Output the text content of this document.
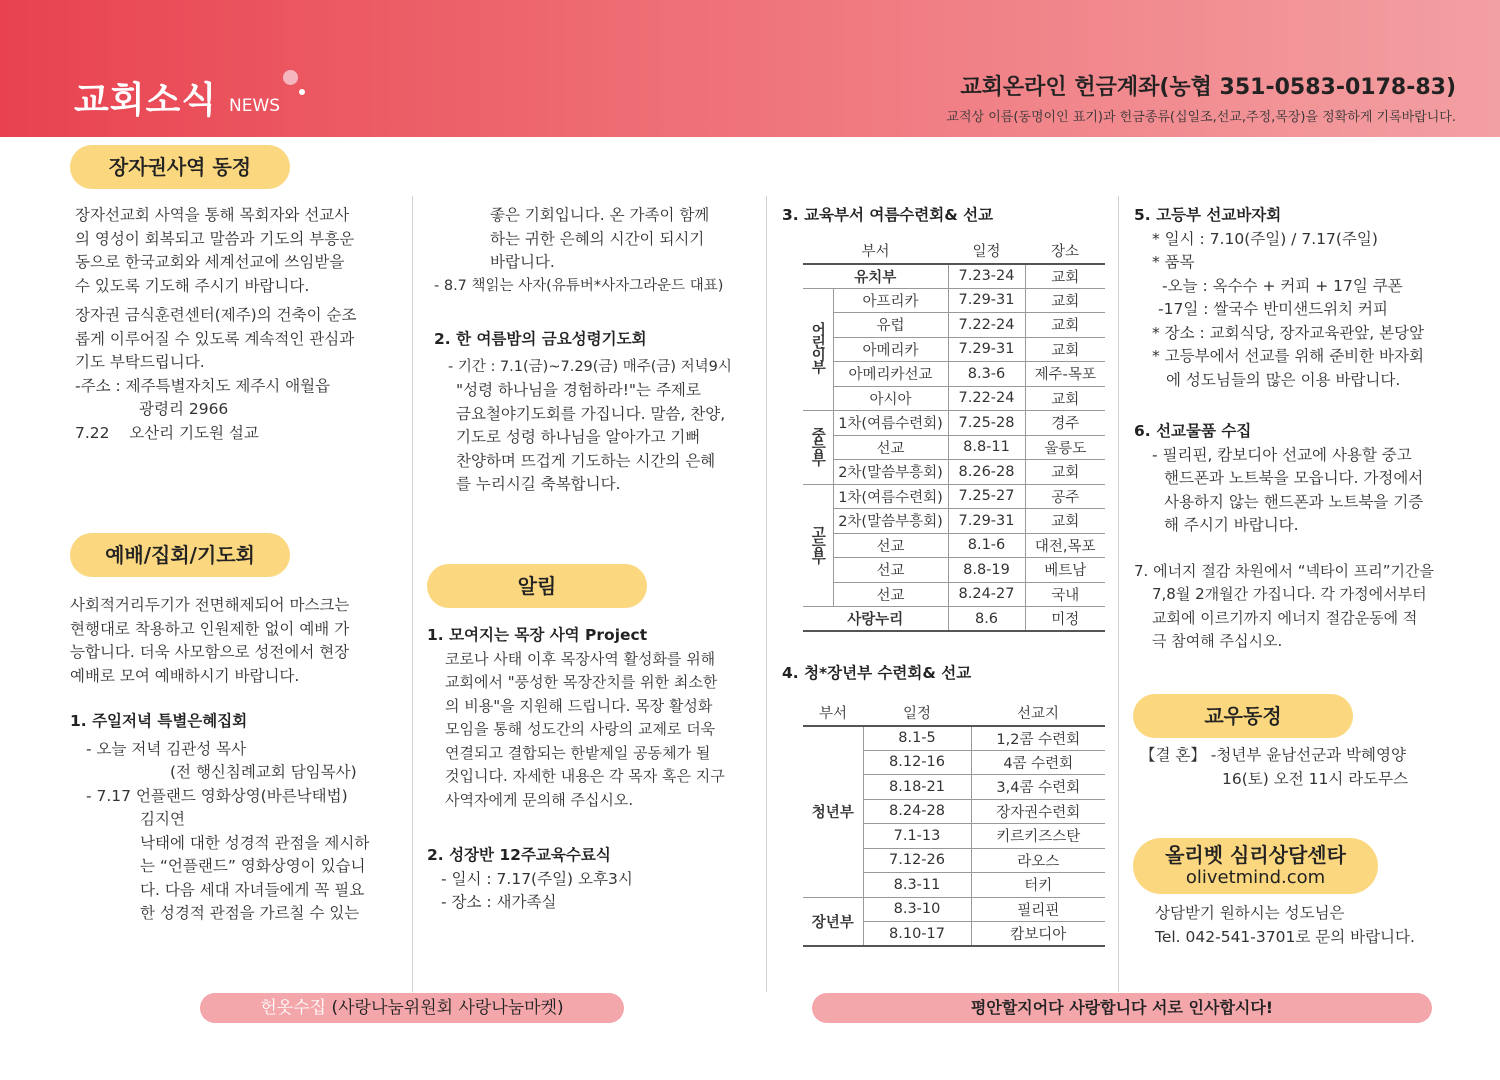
교회소식 NEWS
교회온라인 헌금계좌(농협 351-0583-0178-83)
교적상 이름(동명이인 표기)과 헌금종류(십일조,선교,주정,목장)을 정확하게 기록바랍니다.
장자권사역 동정

장자선교회 사역을 통해 목회자와 선교사

의 영성이 회복되고 말씀과 기도의 부흥운

동으로 한국교회와 세계선교에 쓰임받을

수 있도록 기도해 주시기 바랍니다.

장자권 금식훈련센터(제주)의 건축이 순조

롭게 이루어질 수 있도록 계속적인 관심과

기도 부탁드립니다.

-주소 : 제주특별자치도 제주시 애월읍

광령리 2966

7.22    오산리 기도원 설교

예배/집회/기도회

사회적거리두기가 전면해제되어 마스크는

현행대로 착용하고 인원제한 없이 예배 가

능합니다. 더욱 사모함으로 성전에서 현장

예배로 모여 예배하시기 바랍니다.

1. 주일저녁 특별은혜집회

- 오늘 저녁 김관성 목사

(전 행신침례교회 담임목사)

- 7.17 언플랜드 영화상영(바른낙태법)

김지연

낙태에 대한 성경적 관점을 제시하

는 “언플랜드” 영화상영이 있습니

다. 다음 세대 자녀들에게 꼭 필요

한 성경적 관점을 가르칠 수 있는

좋은 기회입니다. 온 가족이 함께

하는 귀한 은혜의 시간이 되시기

바랍니다.

- 8.7 책읽는 사자(유튜버*사자그라운드 대표)

2. 한 여름밤의 금요성령기도회

- 기간 : 7.1(금)~7.29(금) 매주(금) 저녁9시

"성령 하나님을 경험하라!"는 주제로

금요철야기도회를 가집니다. 말씀, 찬양,

기도로 성령 하나님을 알아가고 기뻐

찬양하며 뜨겁게 기도하는 시간의 은혜

를 누리시길 축복합니다.

알림

1. 모여지는 목장 사역 Project

코로나 사태 이후 목장사역 활성화를 위해

교회에서 "풍성한 목장잔치를 위한 최소한

의 비용"을 지원해 드립니다. 목장 활성화

모임을 통해 성도간의 사랑의 교제로 더욱

연결되고 결합되는 한밭제일 공동체가 될

것입니다. 자세한 내용은 각 목자 혹은 지구

사역자에게 문의해 주십시오.

2. 성장반 12주교육수료식

- 일시 : 7.17(주일) 오후3시

- 장소 : 새가족실

3. 교육부서 여름수련회& 선교
부서		일정	장소
유치부		7.23-24	교회
어린이부	아프리카	7.29-31	교회
	유럽	7.22-24	교회
	아메리카	7.29-31	교회
	아메리카선교	8.3-6	제주-목포
	아시아	7.22-24	교회
중등부	1차(여름수련회)	7.25-28	경주
	선교	8.8-11	울릉도
	2차(말씀부흥회)	8.26-28	교회
고등부	1차(여름수련회)	7.25-27	공주
	2차(말씀부흥회)	7.29-31	교회
	선교	8.1-6	대전,목포
	선교	8.8-19	베트남
	선교	8.24-27	국내
사랑누리		8.6	미정
4. 청*장년부 수련회& 선교
부서	일정	선교지
청년부	8.1-5	1,2콤 수련회
	8.12-16	4콤 수련회
	8.18-21	3,4콤 수련회
	8.24-28	장자권수련회
	7.1-13	키르키즈스탄
	7.12-26	라오스
	8.3-11	터키
장년부	8.3-10	필리핀
	8.10-17	캄보디아

5. 고등부 선교바자회

* 일시 : 7.10(주일) / 7.17(주일)

* 품목

-오늘 : 옥수수 + 커피 + 17일 쿠폰

-17일 : 쌀국수 반미샌드위치 커피

* 장소 : 교회식당, 장자교육관앞, 본당앞

* 고등부에서 선교를 위해 준비한 바자회

에 성도님들의 많은 이용 바랍니다.

6. 선교물품 수집

- 필리핀, 캄보디아 선교에 사용할 중고

핸드폰과 노트북을 모읍니다. 가정에서

사용하지 않는 핸드폰과 노트북을 기증

해 주시기 바랍니다.

7. 에너지 절감 차원에서 “넥타이 프리”기간을

7,8월 2개월간 가집니다. 각 가정에서부터

교회에 이르기까지 에너지 절감운동에 적

극 참여해 주십시오.

교우동정

【결 혼】 -청년부 윤남선군과 박혜영양

16(토) 오전 11시 라도무스

올리벳 심리상담센타
olivetmind.com

상담받기 원하시는 성도님은

Tel. 042-541-3701로 문의 바랍니다.

헌옷수집 (사랑나눔위원회 사랑나눔마켓)	평안할지어다 사랑합니다 서로 인사합시다!
